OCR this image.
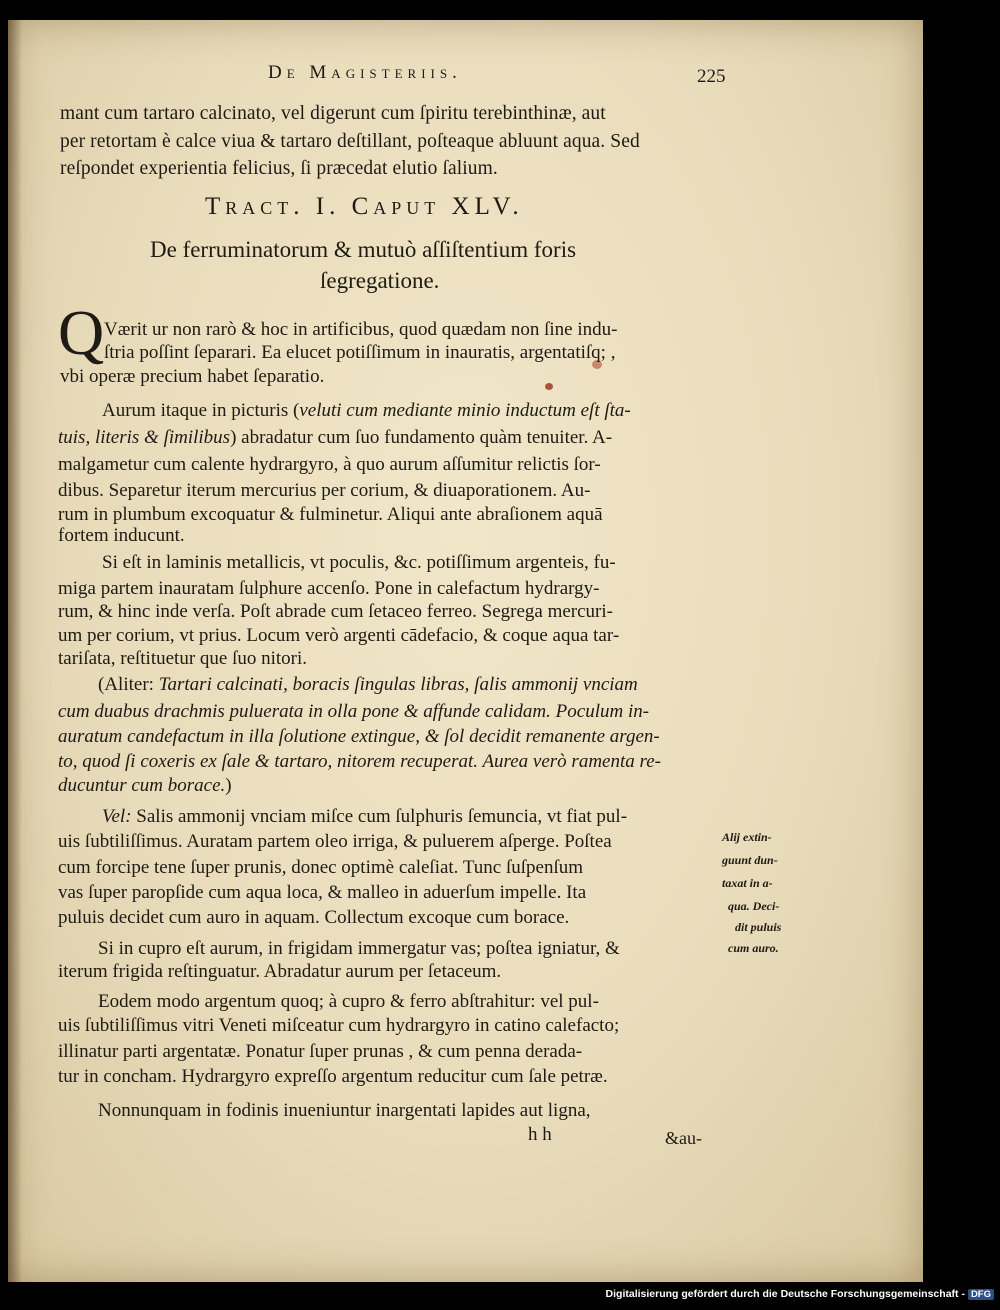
De Magisteriis.	225
mant cum tartaro calcinato, vel digerunt cum ſpiritu terebinthinæ, aut
per retortam è calce viua & tartaro deſtillant, poſteaque abluunt aqua. Sed
reſpondet experientia felicius, ſi præcedat elutio ſalium.
Tract. I. Caput XLV.
De ferruminatorum & mutuò aſſiſtentium foris
ſegregatione.
Q Værit ur non rarò & hoc in artificibus, quod quædam non ſine indu-
ſtria poſſint ſeparari. Ea elucet potiſſimum in inauratis, argentatiſq; ,
vbi operæ precium habet ſeparatio.
Aurum itaque in picturis (veluti cum mediante minio inductum eſt ſta-
tuis, literis & ſimilibus) abradatur cum ſuo fundamento quàm tenuiter. A-
malgametur cum calente hydrargyro, à quo aurum aſſumitur relictis ſor-
dibus. Separetur iterum mercurius per corium, & diuaporationem. Au-
rum in plumbum excoquatur & fulminetur. Aliqui ante abraſionem aquā
fortem inducunt.
Si eſt in laminis metallicis, vt poculis, &c. potiſſimum argenteis, fu-
miga partem inauratam ſulphure accenſo. Pone in calefactum hydrargy-
rum, & hinc inde verſa. Poſt abrade cum ſetaceo ferreo. Segrega mercuri-
um per corium, vt prius. Locum verò argenti cādefacio, & coque aqua tar-
tariſata, reſtituetur que ſuo nitori.
(Aliter: Tartari calcinati, boracis ſingulas libras, ſalis ammonij vnciam
cum duabus drachmis puluerata in olla pone & affunde calidam. Poculum in-
auratum candefactum in illa ſolutione extingue, & ſol decidit remanente argen-
to, quod ſi coxeris ex ſale & tartaro, nitorem recuperat. Aurea verò ramenta re-
ducuntur cum borace.)
Vel: Salis ammonij vnciam miſce cum ſulphuris ſemuncia, vt fiat pul-
uis ſubtiliſſimus. Auratam partem oleo irriga, & puluerem aſperge. Poſtea
cum forcipe tene ſuper prunis, donec optimè caleſiat. Tunc ſuſpenſum
vas ſuper paropſide cum aqua loca, & malleo in aduerſum impelle. Ita
puluis decidet cum auro in aquam. Collectum excoque cum borace.
Alij extin-
guunt dun-
taxat in a-
qua. Deci-
dit puluis
cum auro.
Si in cupro eſt aurum, in frigidam immergatur vas; poſtea igniatur, &
iterum frigida reſtinguatur. Abradatur aurum per ſetaceum.
Eodem modo argentum quoq; à cupro & ferro abſtrahitur: vel pul-
uis ſubtiliſſimus vitri Veneti miſceatur cum hydrargyro in catino calefacto;
illinatur parti argentatæ. Ponatur ſuper prunas , & cum penna derada-
tur in concham. Hydrargyro expreſſo argentum reducitur cum ſale petræ.
Nonnunquam in fodinis inueniuntur inargentati lapides aut ligna,
h h	&au-
Digitalisierung gefördert durch die Deutsche Forschungsgemeinschaft - DFG
